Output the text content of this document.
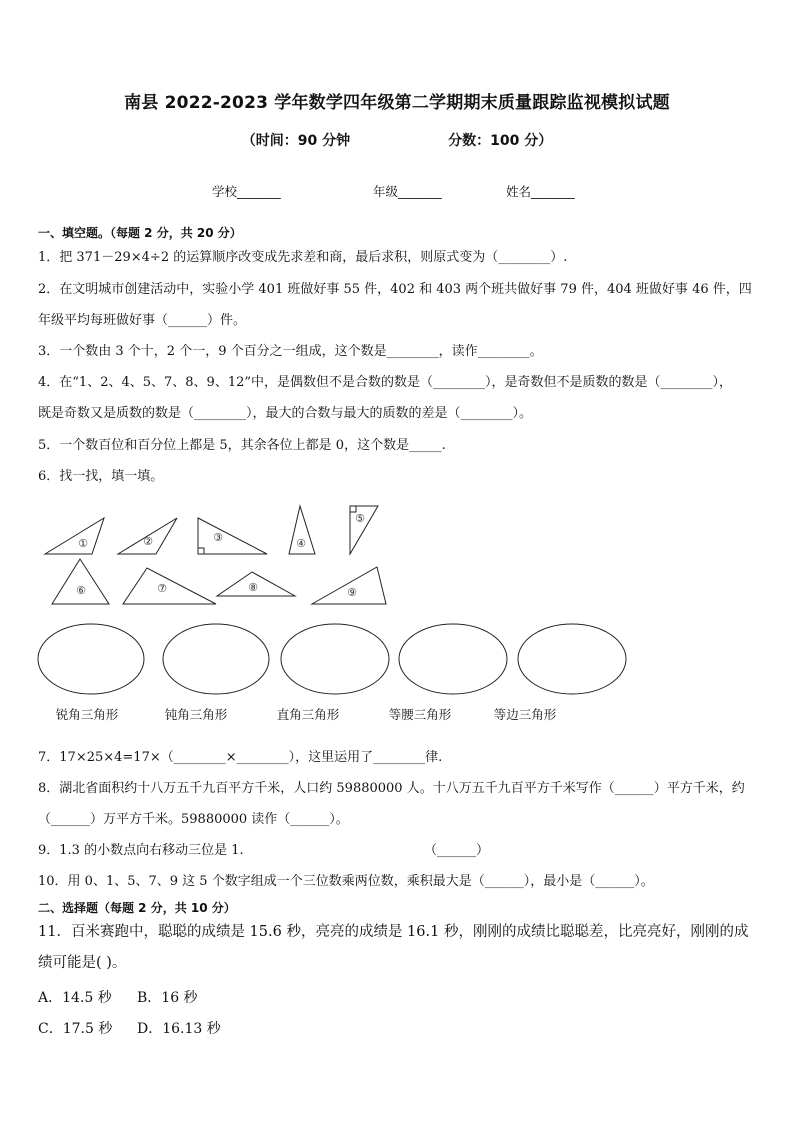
南县 2022-2023 学年数学四年级第二学期期末质量跟踪监视模拟试题
（时间：90 分钟	分数：100 分）
学校_______	年级_______	姓名_______
一、填空题。（每题 2 分，共 20 分）
1．把 371－29×4÷2 的运算顺序改变成先求差和商，最后求积，则原式变为（________）.
2．在文明城市创建活动中，实验小学 401 班做好事 55 件，402 和 403 两个班共做好事 79 件，404 班做好事 46 件，四年级平均每班做好事（______）件。
3．一个数由 3 个十，2 个一，9 个百分之一组成，这个数是________，读作________。
4．在“1、2、4、5、7、8、9、12”中，是偶数但不是合数的数是（________），是奇数但不是质数的数是（________），
既是奇数又是质数的数是（________），最大的合数与最大的质数的差是（________）。
5．一个数百位和百分位上都是 5，其余各位上都是 0，这个数是_____.
6．找一找，填一填。
①	②	③	④
⑤
⑥	⑦	⑧	⑨
锐角三角形	钝角三角形	直角三角形	等腰三角形	等边三角形
7．17×25×4=17×（________×________），这里运用了________律.
8．湖北省面积约十八万五千九百平方千米，人口约 59880000 人。十八万五千九百平方千米写作（______）平方千米，约（______）万平方千米。59880000 读作（______）。
9．1.3 的小数点向右移动三位是 1.	（______）
10．用 0、1、5、7、9 这 5 个数字组成一个三位数乘两位数，乘积最大是（______），最小是（______）。
二、选择题（每题 2 分，共 10 分）
11．百米赛跑中，聪聪的成绩是 15.6 秒，亮亮的成绩是 16.1 秒，刚刚的成绩比聪聪差，比亮亮好，刚刚的成绩可能是( )。
A．14.5 秒 B．16 秒
C．17.5 秒 D．16.13 秒
